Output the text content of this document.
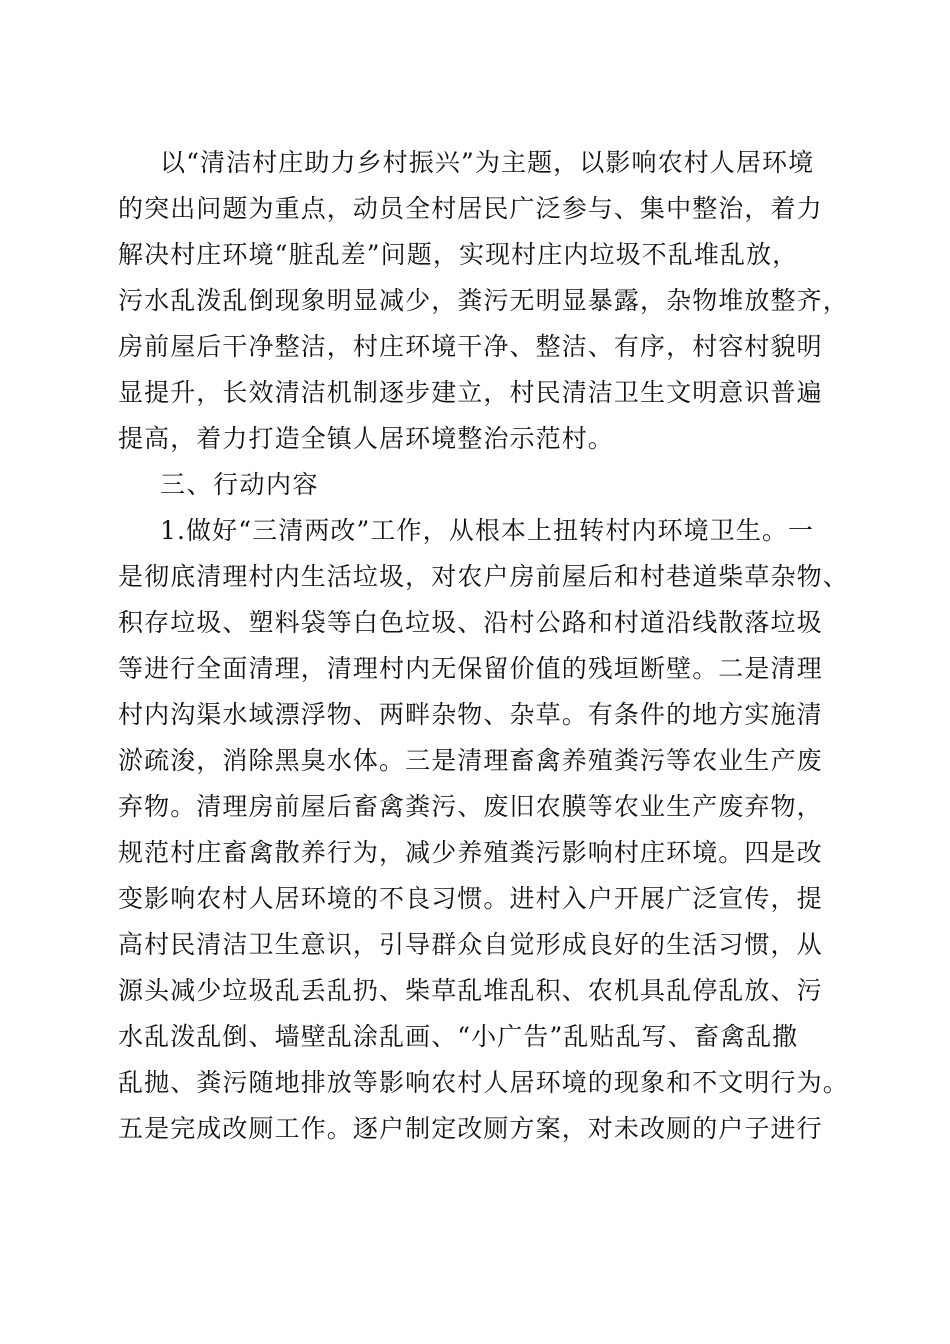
以“清洁村庄助力乡村振兴”为主题，以影响农村人居环境
的突出问题为重点，动员全村居民广泛参与、集中整治，着力
解决村庄环境“脏乱差”问题，实现村庄内垃圾不乱堆乱放，
污水乱泼乱倒现象明显减少，粪污无明显暴露，杂物堆放整齐，
房前屋后干净整洁，村庄环境干净、整洁、有序，村容村貌明
显提升，长效清洁机制逐步建立，村民清洁卫生文明意识普遍
提高，着力打造全镇人居环境整治示范村。
三、行动内容
1.做好“三清两改”工作，从根本上扭转村内环境卫生。一
是彻底清理村内生活垃圾，对农户房前屋后和村巷道柴草杂物、
积存垃圾、塑料袋等白色垃圾、沿村公路和村道沿线散落垃圾
等进行全面清理，清理村内无保留价值的残垣断壁。二是清理
村内沟渠水域漂浮物、两畔杂物、杂草。有条件的地方实施清
淤疏浚，消除黑臭水体。三是清理畜禽养殖粪污等农业生产废
弃物。清理房前屋后畜禽粪污、废旧农膜等农业生产废弃物，
规范村庄畜禽散养行为，减少养殖粪污影响村庄环境。四是改
变影响农村人居环境的不良习惯。进村入户开展广泛宣传，提
高村民清洁卫生意识，引导群众自觉形成良好的生活习惯，从
源头减少垃圾乱丢乱扔、柴草乱堆乱积、农机具乱停乱放、污
水乱泼乱倒、墙壁乱涂乱画、“小广告”乱贴乱写、畜禽乱撒
乱抛、粪污随地排放等影响农村人居环境的现象和不文明行为。
五是完成改厕工作。逐户制定改厕方案，对未改厕的户子进行
